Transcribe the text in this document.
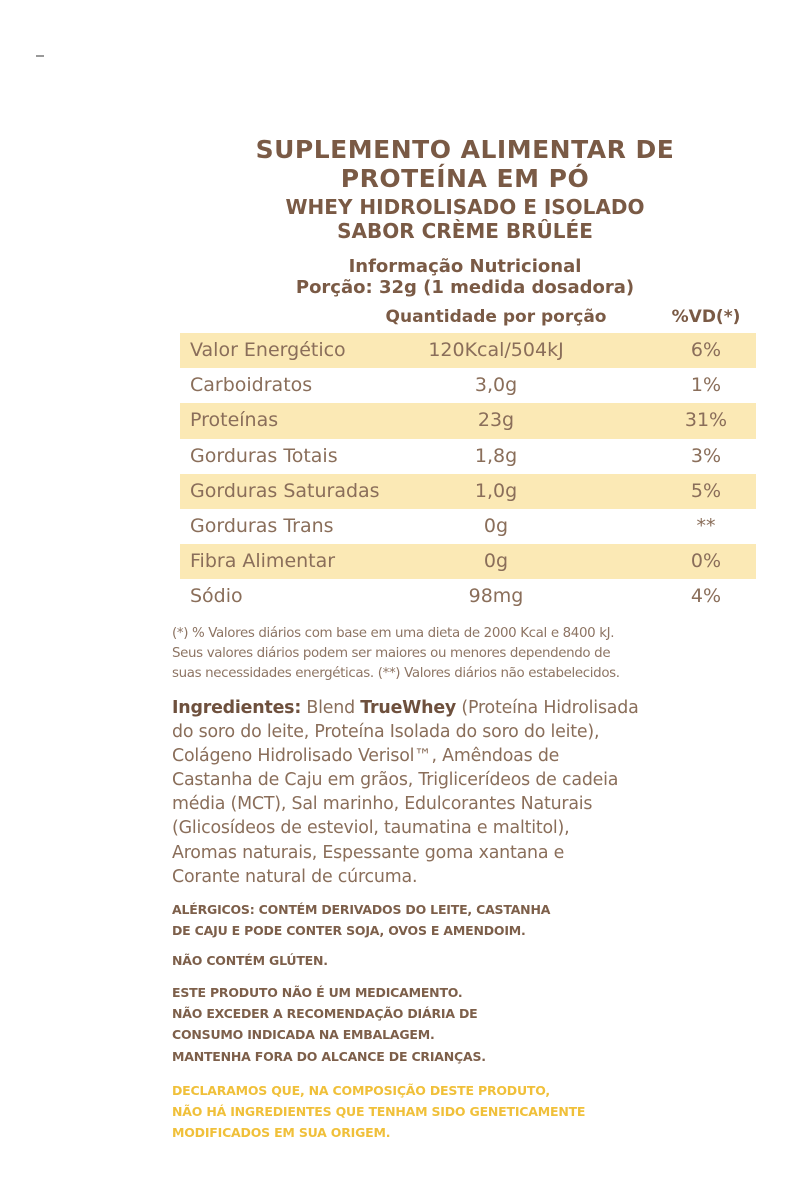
SUPLEMENTO ALIMENTAR DE
PROTEÍNA EM PÓ
WHEY HIDROLISADO E ISOLADO
SABOR CRÈME BRÛLÉE
Informação Nutricional
Porção: 32g (1 medida dosadora)
Quantidade por porção	%VD(*)
Valor Energético	120Kcal/504kJ	6%
Carboidratos	3,0g	1%
Proteínas	23g	31%
Gorduras Totais	1,8g	3%
Gorduras Saturadas	1,0g	5%
Gorduras Trans	0g	**
Fibra Alimentar	0g	0%
Sódio	98mg	4%
(*) % Valores diários com base em uma dieta de 2000 Kcal e 8400 kJ.
Seus valores diários podem ser maiores ou menores dependendo de
suas necessidades energéticas. (**) Valores diários não estabelecidos.
Ingredientes: Blend TrueWhey (Proteína Hidrolisada
do soro do leite, Proteína Isolada do soro do leite),
Colágeno Hidrolisado Verisol™, Amêndoas de
Castanha de Caju em grãos, Triglicerídeos de cadeia
média (MCT), Sal marinho, Edulcorantes Naturais
(Glicosídeos de esteviol, taumatina e maltitol),
Aromas naturais, Espessante goma xantana e
Corante natural de cúrcuma.
ALÉRGICOS: CONTÉM DERIVADOS DO LEITE, CASTANHA
DE CAJU E PODE CONTER SOJA, OVOS E AMENDOIM.
NÃO CONTÉM GLÚTEN.
ESTE PRODUTO NÃO É UM MEDICAMENTO.
NÃO EXCEDER A RECOMENDAÇÃO DIÁRIA DE
CONSUMO INDICADA NA EMBALAGEM.
MANTENHA FORA DO ALCANCE DE CRIANÇAS.
DECLARAMOS QUE, NA COMPOSIÇÃO DESTE PRODUTO,
NÃO HÁ INGREDIENTES QUE TENHAM SIDO GENETICAMENTE
MODIFICADOS EM SUA ORIGEM.
